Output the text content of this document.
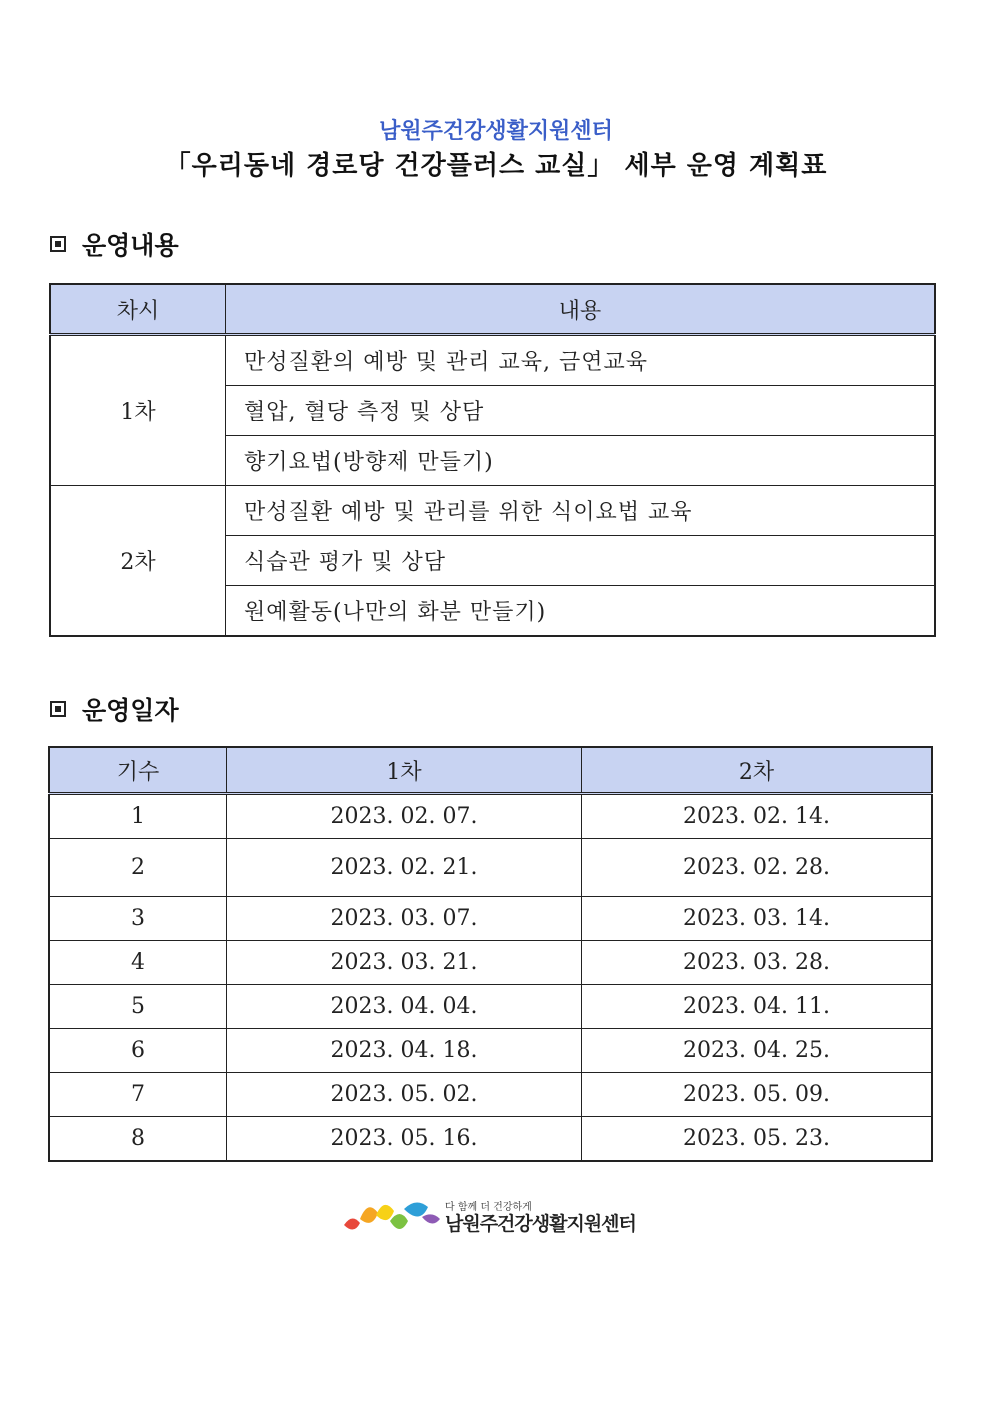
남원주건강생활지원센터
「우리동네 경로당 건강플러스 교실」 세부 운영 계획표
운영내용
차시	내용
1차	만성질환의 예방 및 관리 교육, 금연교육
	혈압, 혈당 측정 및 상담
	향기요법(방향제 만들기)
2차	만성질환 예방 및 관리를 위한 식이요법 교육
	식습관 평가 및 상담
	원예활동(나만의 화분 만들기)
운영일자
기수	1차	2차
1	2023. 02. 07.	2023. 02. 14.
2	2023. 02. 21.	2023. 02. 28.
3	2023. 03. 07.	2023. 03. 14.
4	2023. 03. 21.	2023. 03. 28.
5	2023. 04. 04.	2023. 04. 11.
6	2023. 04. 18.	2023. 04. 25.
7	2023. 05. 02.	2023. 05. 09.
8	2023. 05. 16.	2023. 05. 23.
다 함께 더 건강하게
남원주건강생활지원센터
